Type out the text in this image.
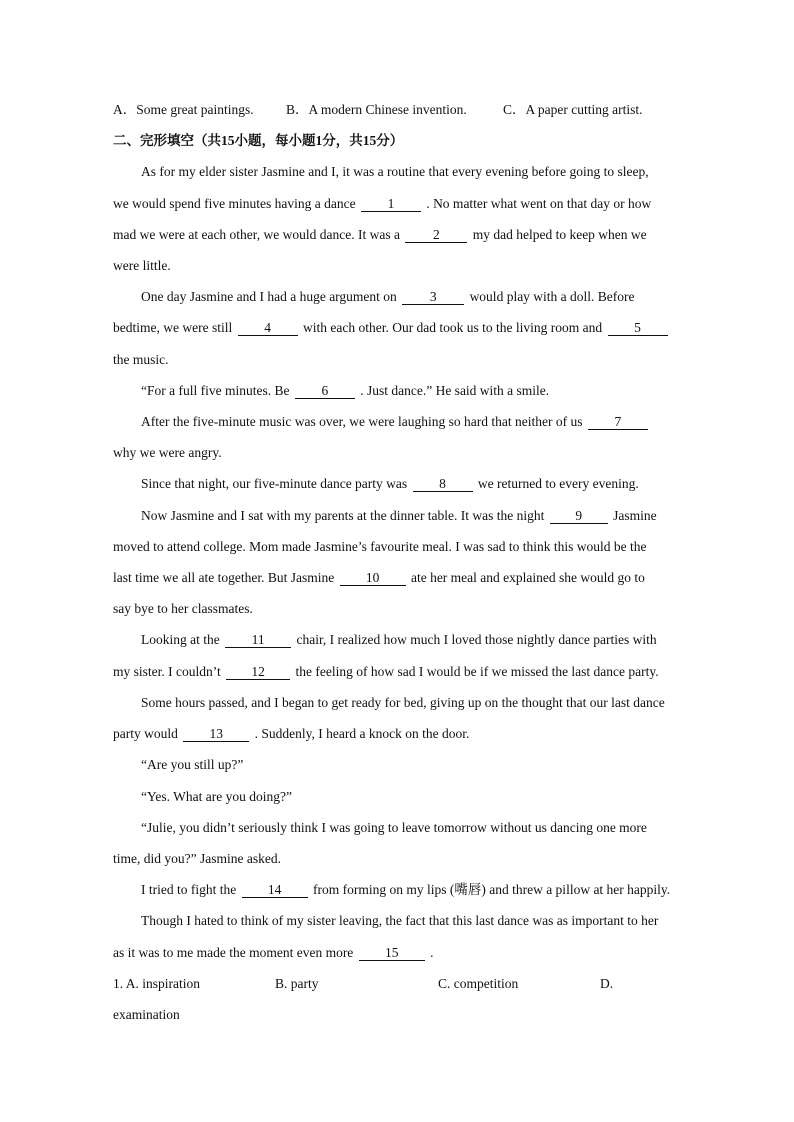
A．Some great paintings. B．A modern Chinese invention.	C．A paper cutting artist.
二、完形填空（共15小题，每小题1分，共15分）
As for my elder sister Jasmine and I, it was a routine that every evening before going to sleep,
we would spend five minutes having a dance 1 . No matter what went on that day or how
mad we were at each other, we would dance. It was a 2 my dad helped to keep when we
were little.
One day Jasmine and I had a huge argument on 3 would play with a doll. Before
bedtime, we were still 4 with each other. Our dad took us to the living room and 5
the music.
“For a full five minutes. Be 6 . Just dance.” He said with a smile.
After the five-minute music was over, we were laughing so hard that neither of us 7
why we were angry.
Since that night, our five-minute dance party was 8 we returned to every evening.
Now Jasmine and I sat with my parents at the dinner table. It was the night 9 Jasmine
moved to attend college. Mom made Jasmine’s favourite meal. I was sad to think this would be the
last time we all ate together. But Jasmine 10 ate her meal and explained she would go to
say bye to her classmates.
Looking at the 11 chair, I realized how much I loved those nightly dance parties with
my sister. I couldn’t 12 the feeling of how sad I would be if we missed the last dance party.
Some hours passed, and I began to get ready for bed, giving up on the thought that our last dance
party would 13 . Suddenly, I heard a knock on the door.
“Are you still up?”
“Yes. What are you doing?”
“Julie, you didn’t seriously think I was going to leave tomorrow without us dancing one more
time, did you?” Jasmine asked.
I tried to fight the 14 from forming on my lips (嘴唇) and threw a pillow at her happily.
Though I hated to think of my sister leaving, the fact that this last dance was as important to her
as it was to me made the moment even more 15 .
1. A. inspiration	B. party	C. competition	D.
examination
